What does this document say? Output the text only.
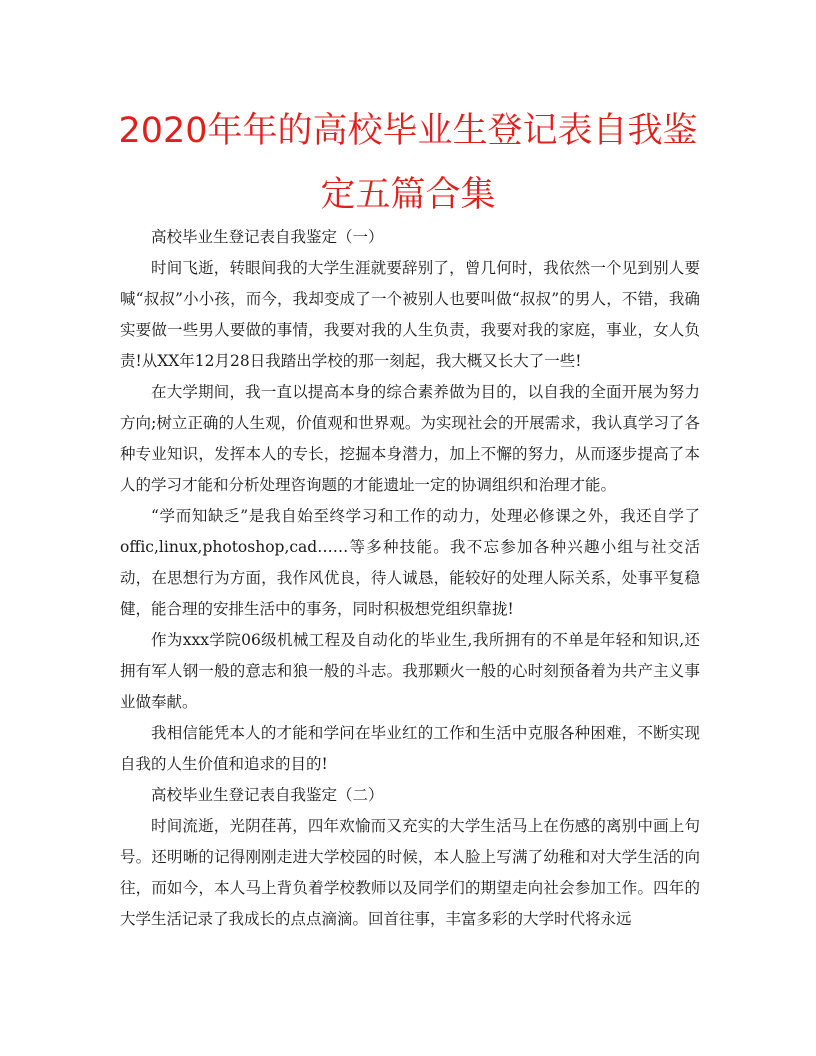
2020年年的高校毕业生登记表自我鉴定五篇合集

高校毕业生登记表自我鉴定（一）

时间飞逝，转眼间我的大学生涯就要辞别了，曾几何时，我依然一个见到别人要喊“叔叔”小小孩，而今，我却变成了一个被别人也要叫做“叔叔”的男人，不错，我确实要做一些男人要做的事情，我要对我的人生负责，我要对我的家庭，事业，女人负责!从XX年12月28日我踏出学校的那一刻起，我大概又长大了一些!

在大学期间，我一直以提高本身的综合素养做为目的，以自我的全面开展为努力方向;树立正确的人生观，价值观和世界观。为实现社会的开展需求，我认真学习了各种专业知识，发挥本人的专长，挖掘本身潜力，加上不懈的努力，从而逐步提高了本人的学习才能和分析处理咨询题的才能遗址一定的协调组织和治理才能。

“学而知缺乏”是我自始至终学习和工作的动力，处理必修课之外，我还自学了offic,linux,photoshop,cad……等多种技能。我不忘参加各种兴趣小组与社交活动，在思想行为方面，我作风优良，待人诚恳，能较好的处理人际关系，处事平复稳健，能合理的安排生活中的事务，同时积极想党组织靠拢!

作为xxx学院06级机械工程及自动化的毕业生,我所拥有的不单是年轻和知识,还拥有军人钢一般的意志和狼一般的斗志。我那颗火一般的心时刻预备着为共产主义事业做奉献。

我相信能凭本人的才能和学问在毕业红的工作和生活中克服各种困难，不断实现自我的人生价值和追求的目的!

高校毕业生登记表自我鉴定（二）

时间流逝，光阴荏苒，四年欢愉而又充实的大学生活马上在伤感的离别中画上句号。还明晰的记得刚刚走进大学校园的时候，本人脸上写满了幼稚和对大学生活的向往，而如今，本人马上背负着学校教师以及同学们的期望走向社会参加工作。四年的大学生活记录了我成长的点点滴滴。回首往事，丰富多彩的大学时代将永远
